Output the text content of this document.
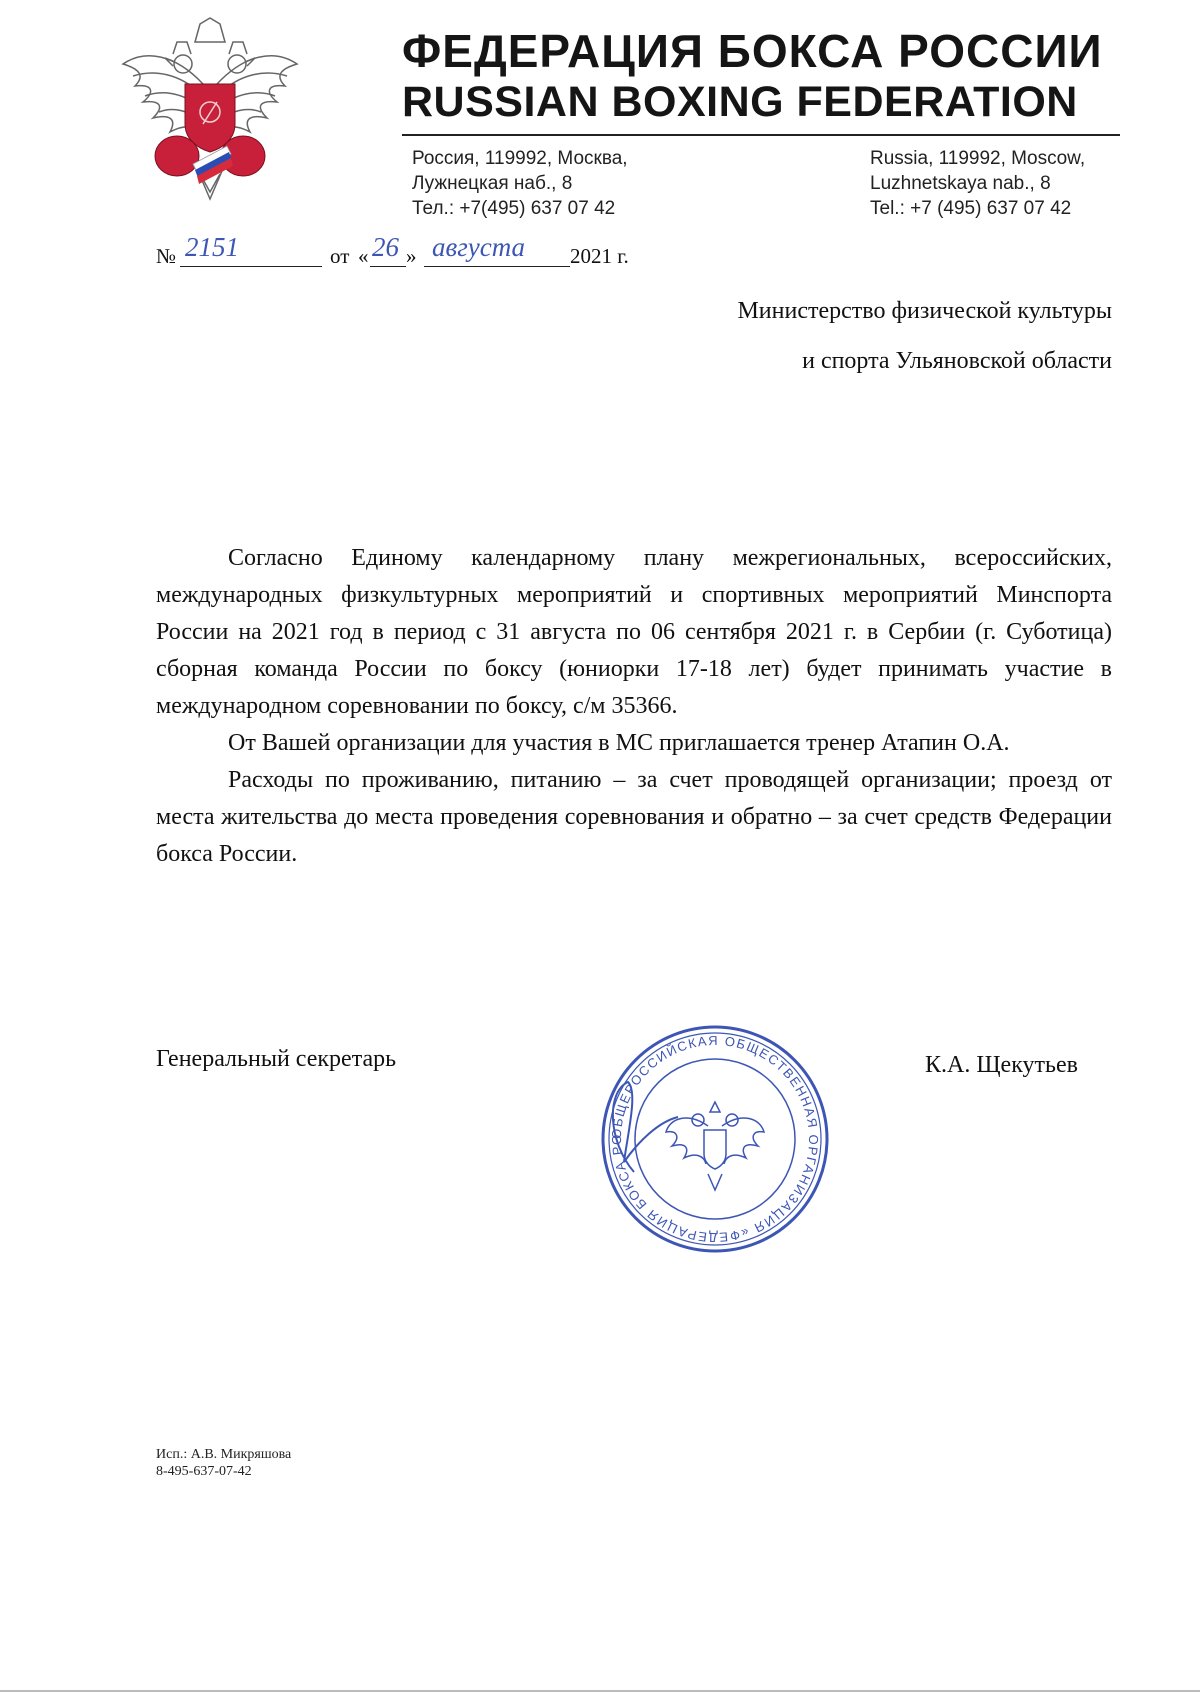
ФЕДЕРАЦИЯ БОКСА РОССИИ
RUSSIAN BOXING FEDERATION
Россия, 119992, Москва,
Лужнецкая наб., 8
Тел.: +7(495) 637 07 42
Russia, 119992, Moscow,
Luzhnetskaya nab., 8
Tel.: +7 (495) 637 07 42
№ 2151	от « 26 » августа 2021 г.
Министерство физической культуры
и спорта Ульяновской области

Согласно Единому календарному плану межрегиональных, всероссийских, международных физкультурных мероприятий и спортивных мероприятий Минспорта России на 2021 год в период с 31 августа по 06 сентября 2021 г. в Сербии (г. Суботица) сборная команда России по боксу (юниорки 17-18 лет) будет принимать участие в международном соревновании по боксу, с/м 35366.

От Вашей организации для участия в МС приглашается тренер Атапин О.А.

Расходы по проживанию, питанию – за счет проводящей организации; проезд от места жительства до места проведения соревнования и обратно – за счет средств Федерации бокса России.

Генеральный секретарь
ОБЩЕРОССИЙСКАЯ ОБЩЕСТВЕННАЯ ОРГАНИЗАЦИЯ «ФЕДЕРАЦИЯ БОКСА РО
К.А. Щекутьев
Исп.: А.В. Микряшова
8-495-637-07-42
